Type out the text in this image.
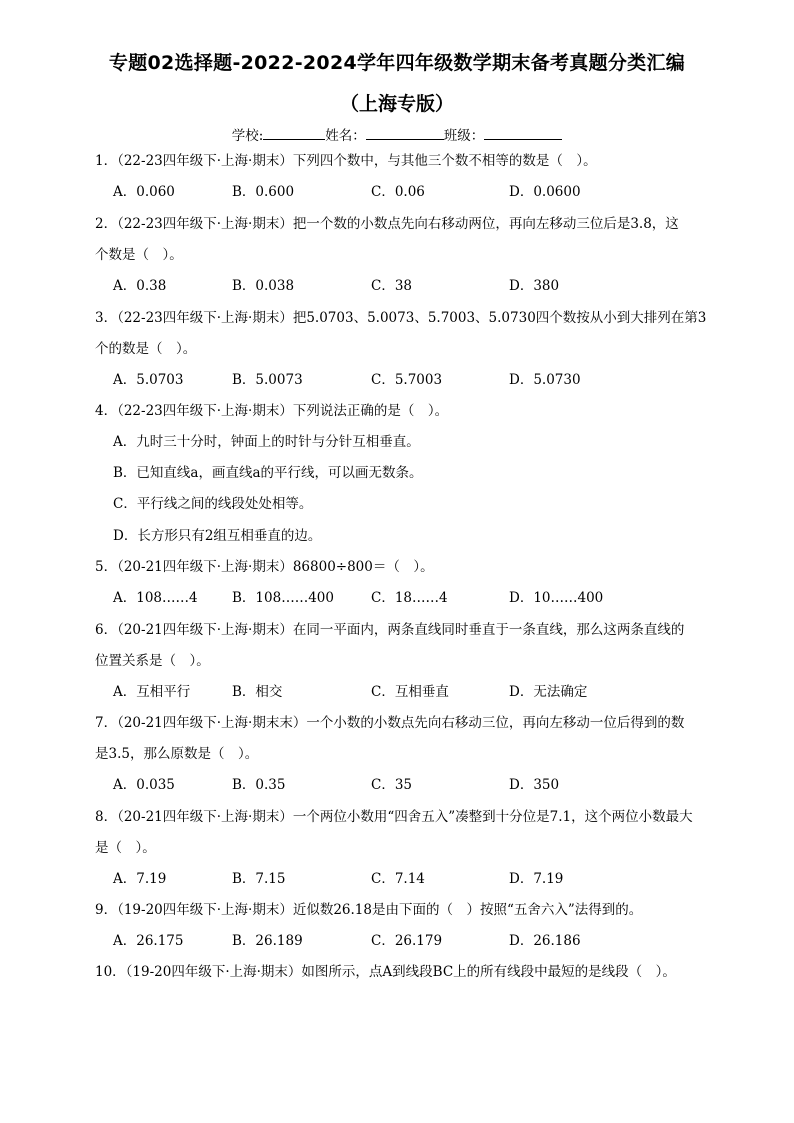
专题02选择题-2022-2024学年四年级数学期末备考真题分类汇编
（上海专版）
学校:	姓名：	班级：
1．（22-23四年级下·上海·期末）下列四个数中，与其他三个数不相等的数是（　）。
A．0.060	B．0.600	C．0.06	D．0.0600
2．（22-23四年级下·上海·期末）把一个数的小数点先向右移动两位，再向左移动三位后是3.8，这
个数是（　）。
A．0.38	B．0.038	C．38	D．380
3．（22-23四年级下·上海·期末）把5.0703、5.0073、5.7003、5.0730四个数按从小到大排列在第3
个的数是（　）。
A．5.0703	B．5.0073	C．5.7003	D．5.0730
4．（22-23四年级下·上海·期末）下列说法正确的是（　）。
A．九时三十分时，钟面上的时针与分针互相垂直。
B．已知直线a，画直线a的平行线，可以画无数条。
C．平行线之间的线段处处相等。
D．长方形只有2组互相垂直的边。
5．（20-21四年级下·上海·期末）86800÷800＝（　）。
A．108……4	B．108……400	C．18……4	D．10……400
6．（20-21四年级下·上海·期末）在同一平面内，两条直线同时垂直于一条直线，那么这两条直线的
位置关系是（　）。
A．互相平行	B．相交	C．互相垂直	D．无法确定
7．（20-21四年级下·上海·期末末）一个小数的小数点先向右移动三位，再向左移动一位后得到的数
是3.5，那么原数是（　）。
A．0.035	B．0.35	C．35	D．350
8．（20-21四年级下·上海·期末）一个两位小数用“四舍五入”凑整到十分位是7.1，这个两位小数最大
是（　）。
A．7.19	B．7.15	C．7.14	D．7.19
9．（19-20四年级下·上海·期末）近似数26.18是由下面的（　）按照“五舍六入”法得到的。
A．26.175	B．26.189	C．26.179	D．26.186
10．（19-20四年级下·上海·期末）如图所示，点A到线段BC上的所有线段中最短的是线段（　）。
